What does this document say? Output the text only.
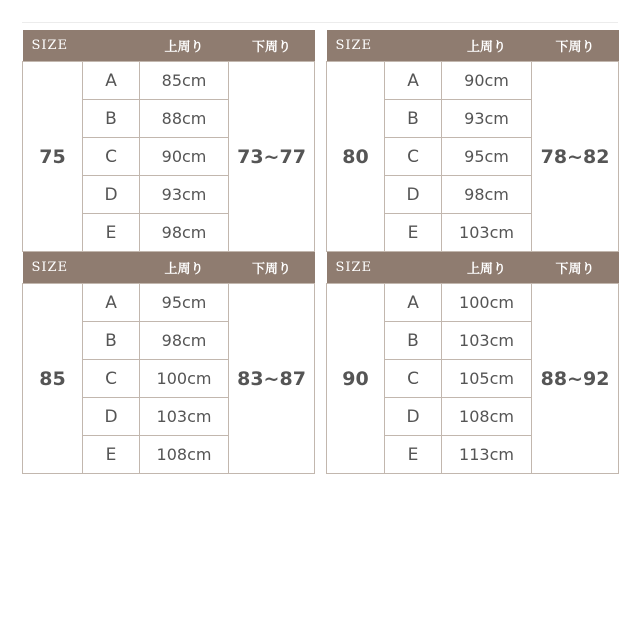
SIZE		上周り	下周り
75	A	85cm	73~77
	B	88cm	
	C	90cm	
	D	93cm	
	E	98cm	
SIZE		上周り	下周り
80	A	90cm	78~82
	B	93cm	
	C	95cm	
	D	98cm	
	E	103cm	
SIZE		上周り	下周り
85	A	95cm	83~87
	B	98cm	
	C	100cm	
	D	103cm	
	E	108cm	
SIZE		上周り	下周り
90	A	100cm	88~92
	B	103cm	
	C	105cm	
	D	108cm	
	E	113cm	
